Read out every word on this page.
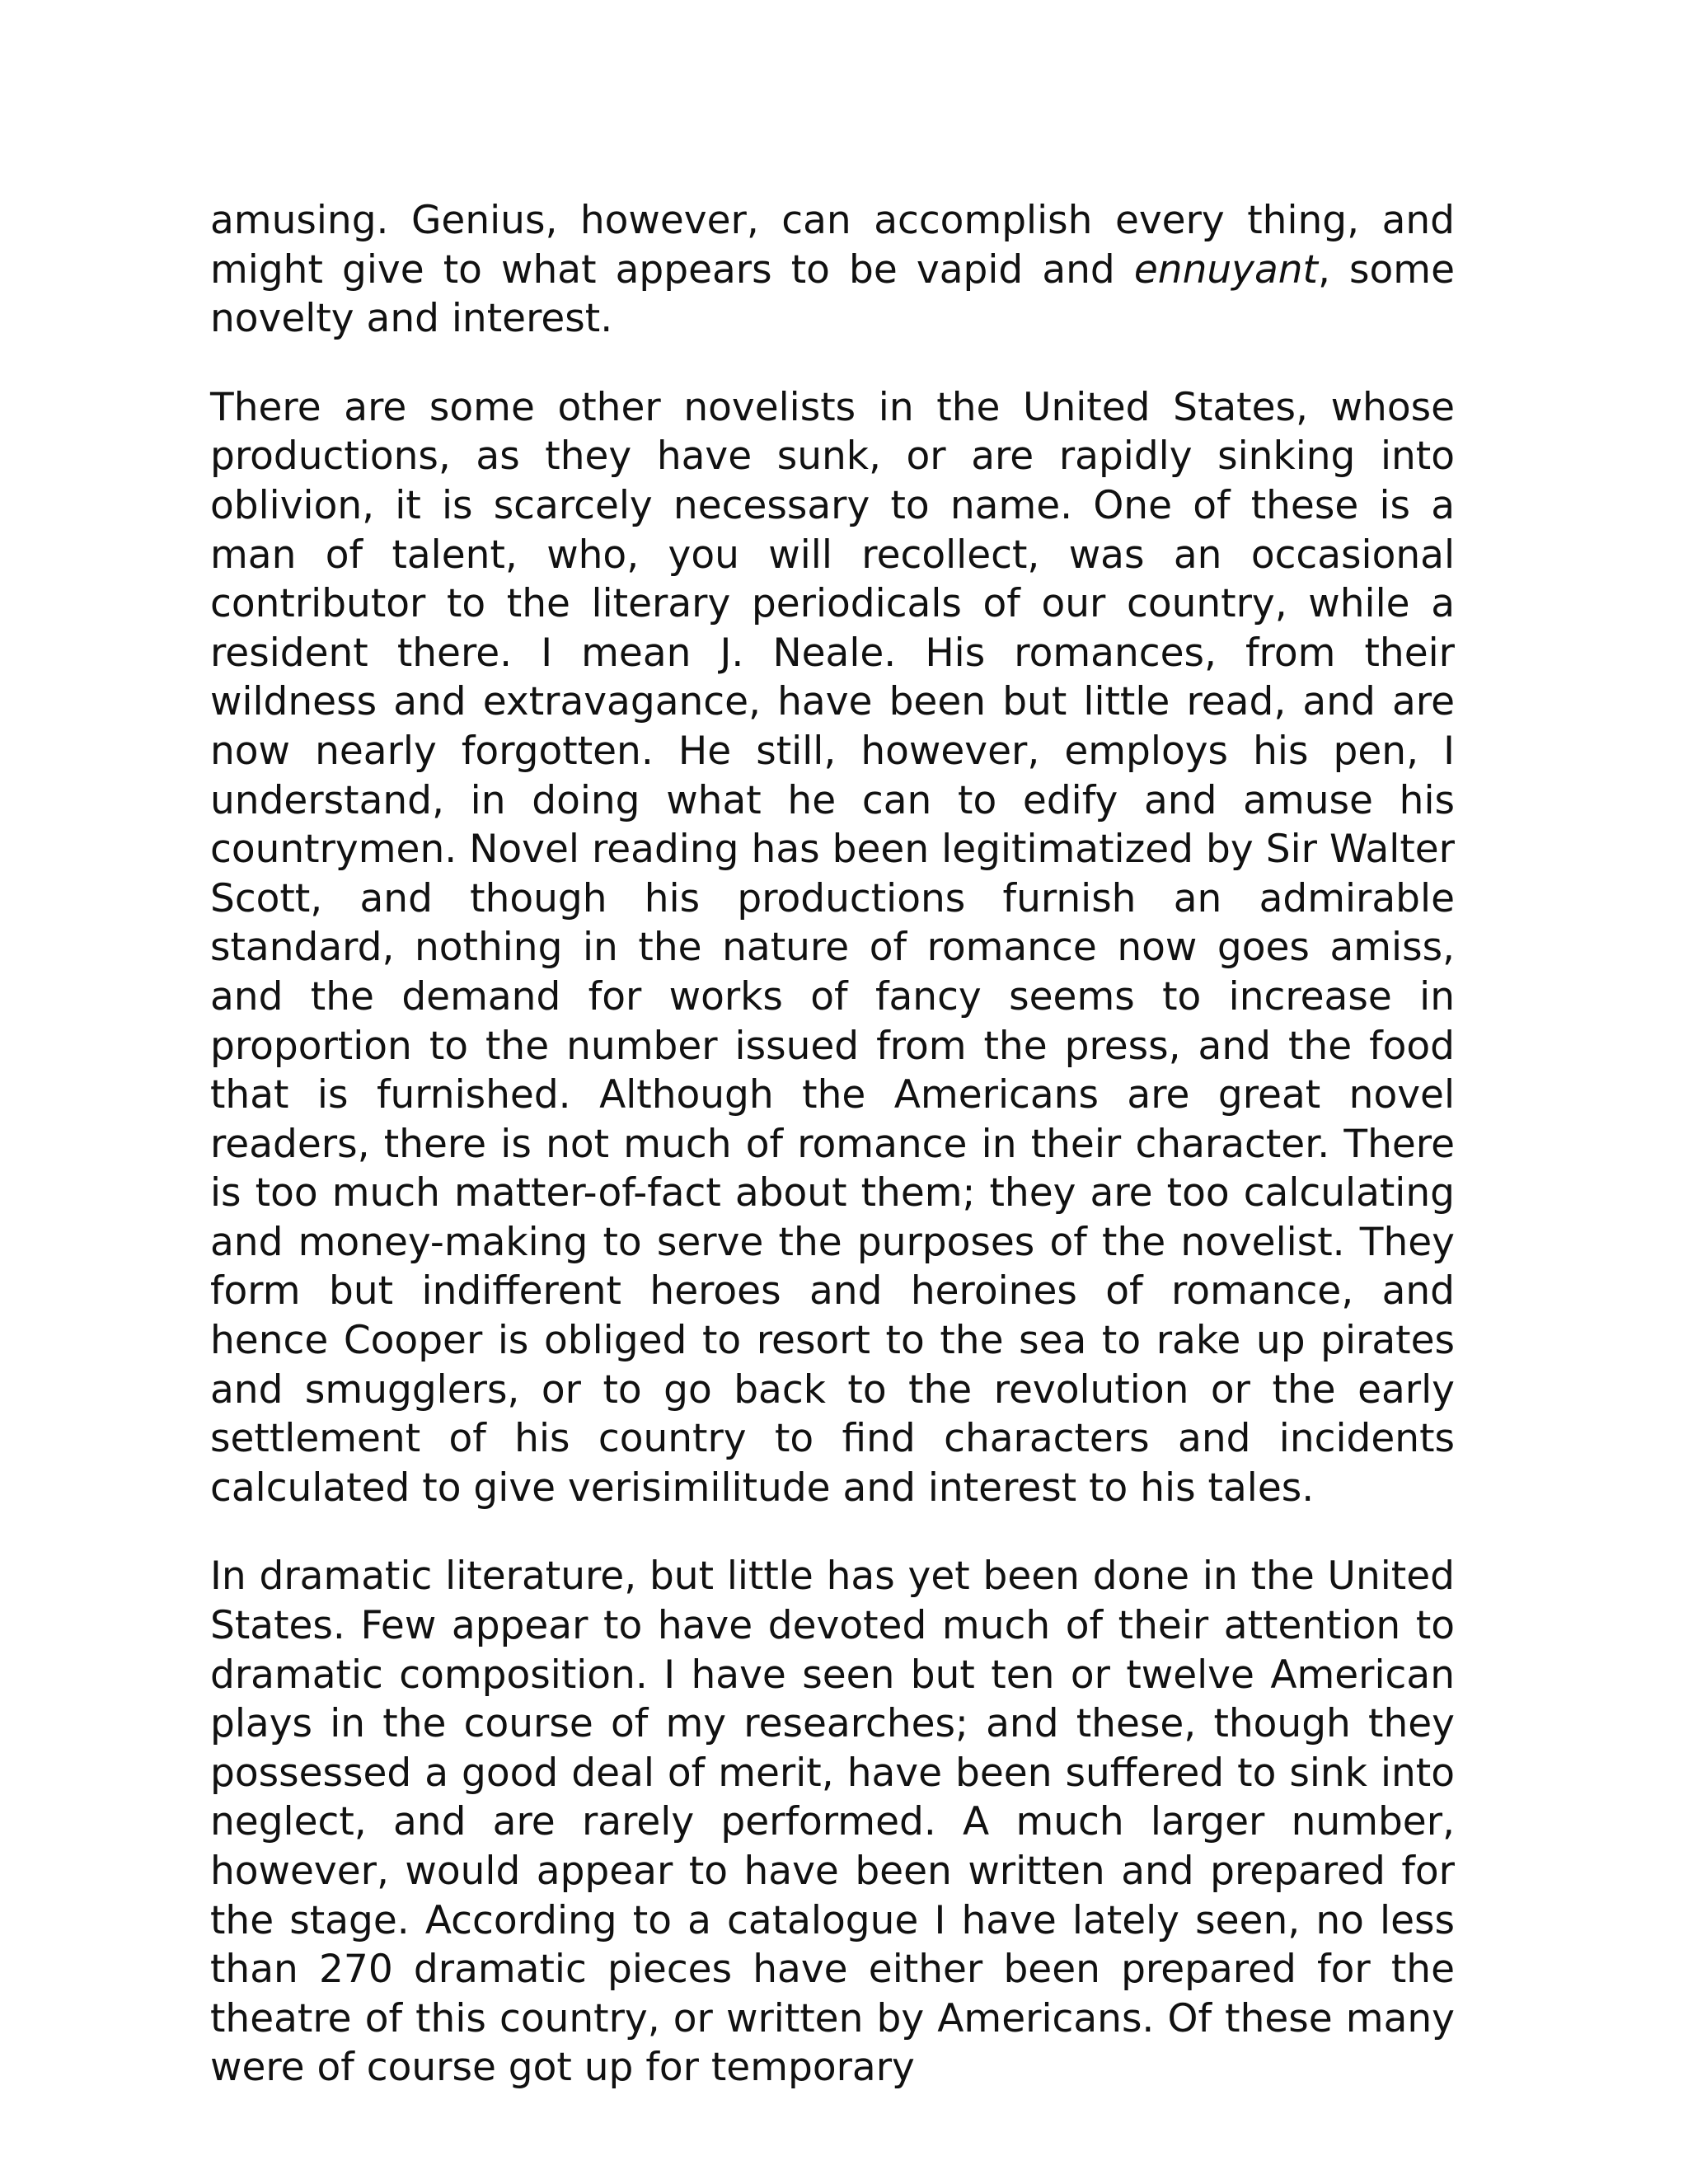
amusing. Genius, however, can accomplish every thing, and might give to what appears to be vapid and ennuyant, some novelty and interest.

There are some other novelists in the United States, whose productions, as they have sunk, or are rapidly sinking into oblivion, it is scarcely necessary to name. One of these is a man of talent, who, you will recollect, was an occasional contributor to the literary periodicals of our country, while a resident there. I mean J. Neale. His romances, from their wildness and extravagance, have been but little read, and are now nearly forgotten. He still, however, employs his pen, I understand, in doing what he can to edify and amuse his countrymen. Novel reading has been legitimatized by Sir Walter Scott, and though his productions furnish an admirable standard, nothing in the nature of romance now goes amiss, and the demand for works of fancy seems to increase in proportion to the number issued from the press, and the food that is furnished. Although the Americans are great novel readers, there is not much of romance in their character. There is too much matter-of-fact about them; they are too calculating and money-making to serve the purposes of the novelist. They form but indifferent heroes and heroines of romance, and hence Cooper is obliged to resort to the sea to rake up pirates and smugglers, or to go back to the revolution or the early settlement of his country to find characters and incidents calculated to give verisimilitude and interest to his tales.

In dramatic literature, but little has yet been done in the United States. Few appear to have devoted much of their attention to dramatic composition. I have seen but ten or twelve American plays in the course of my researches; and these, though they possessed a good deal of merit, have been suffered to sink into neglect, and are rarely performed. A much larger number, however, would appear to have been written and prepared for the stage. According to a catalogue I have lately seen, no less than 270 dramatic pieces have either been prepared for the theatre of this country, or written by Americans. Of these many were of course got up for temporary
